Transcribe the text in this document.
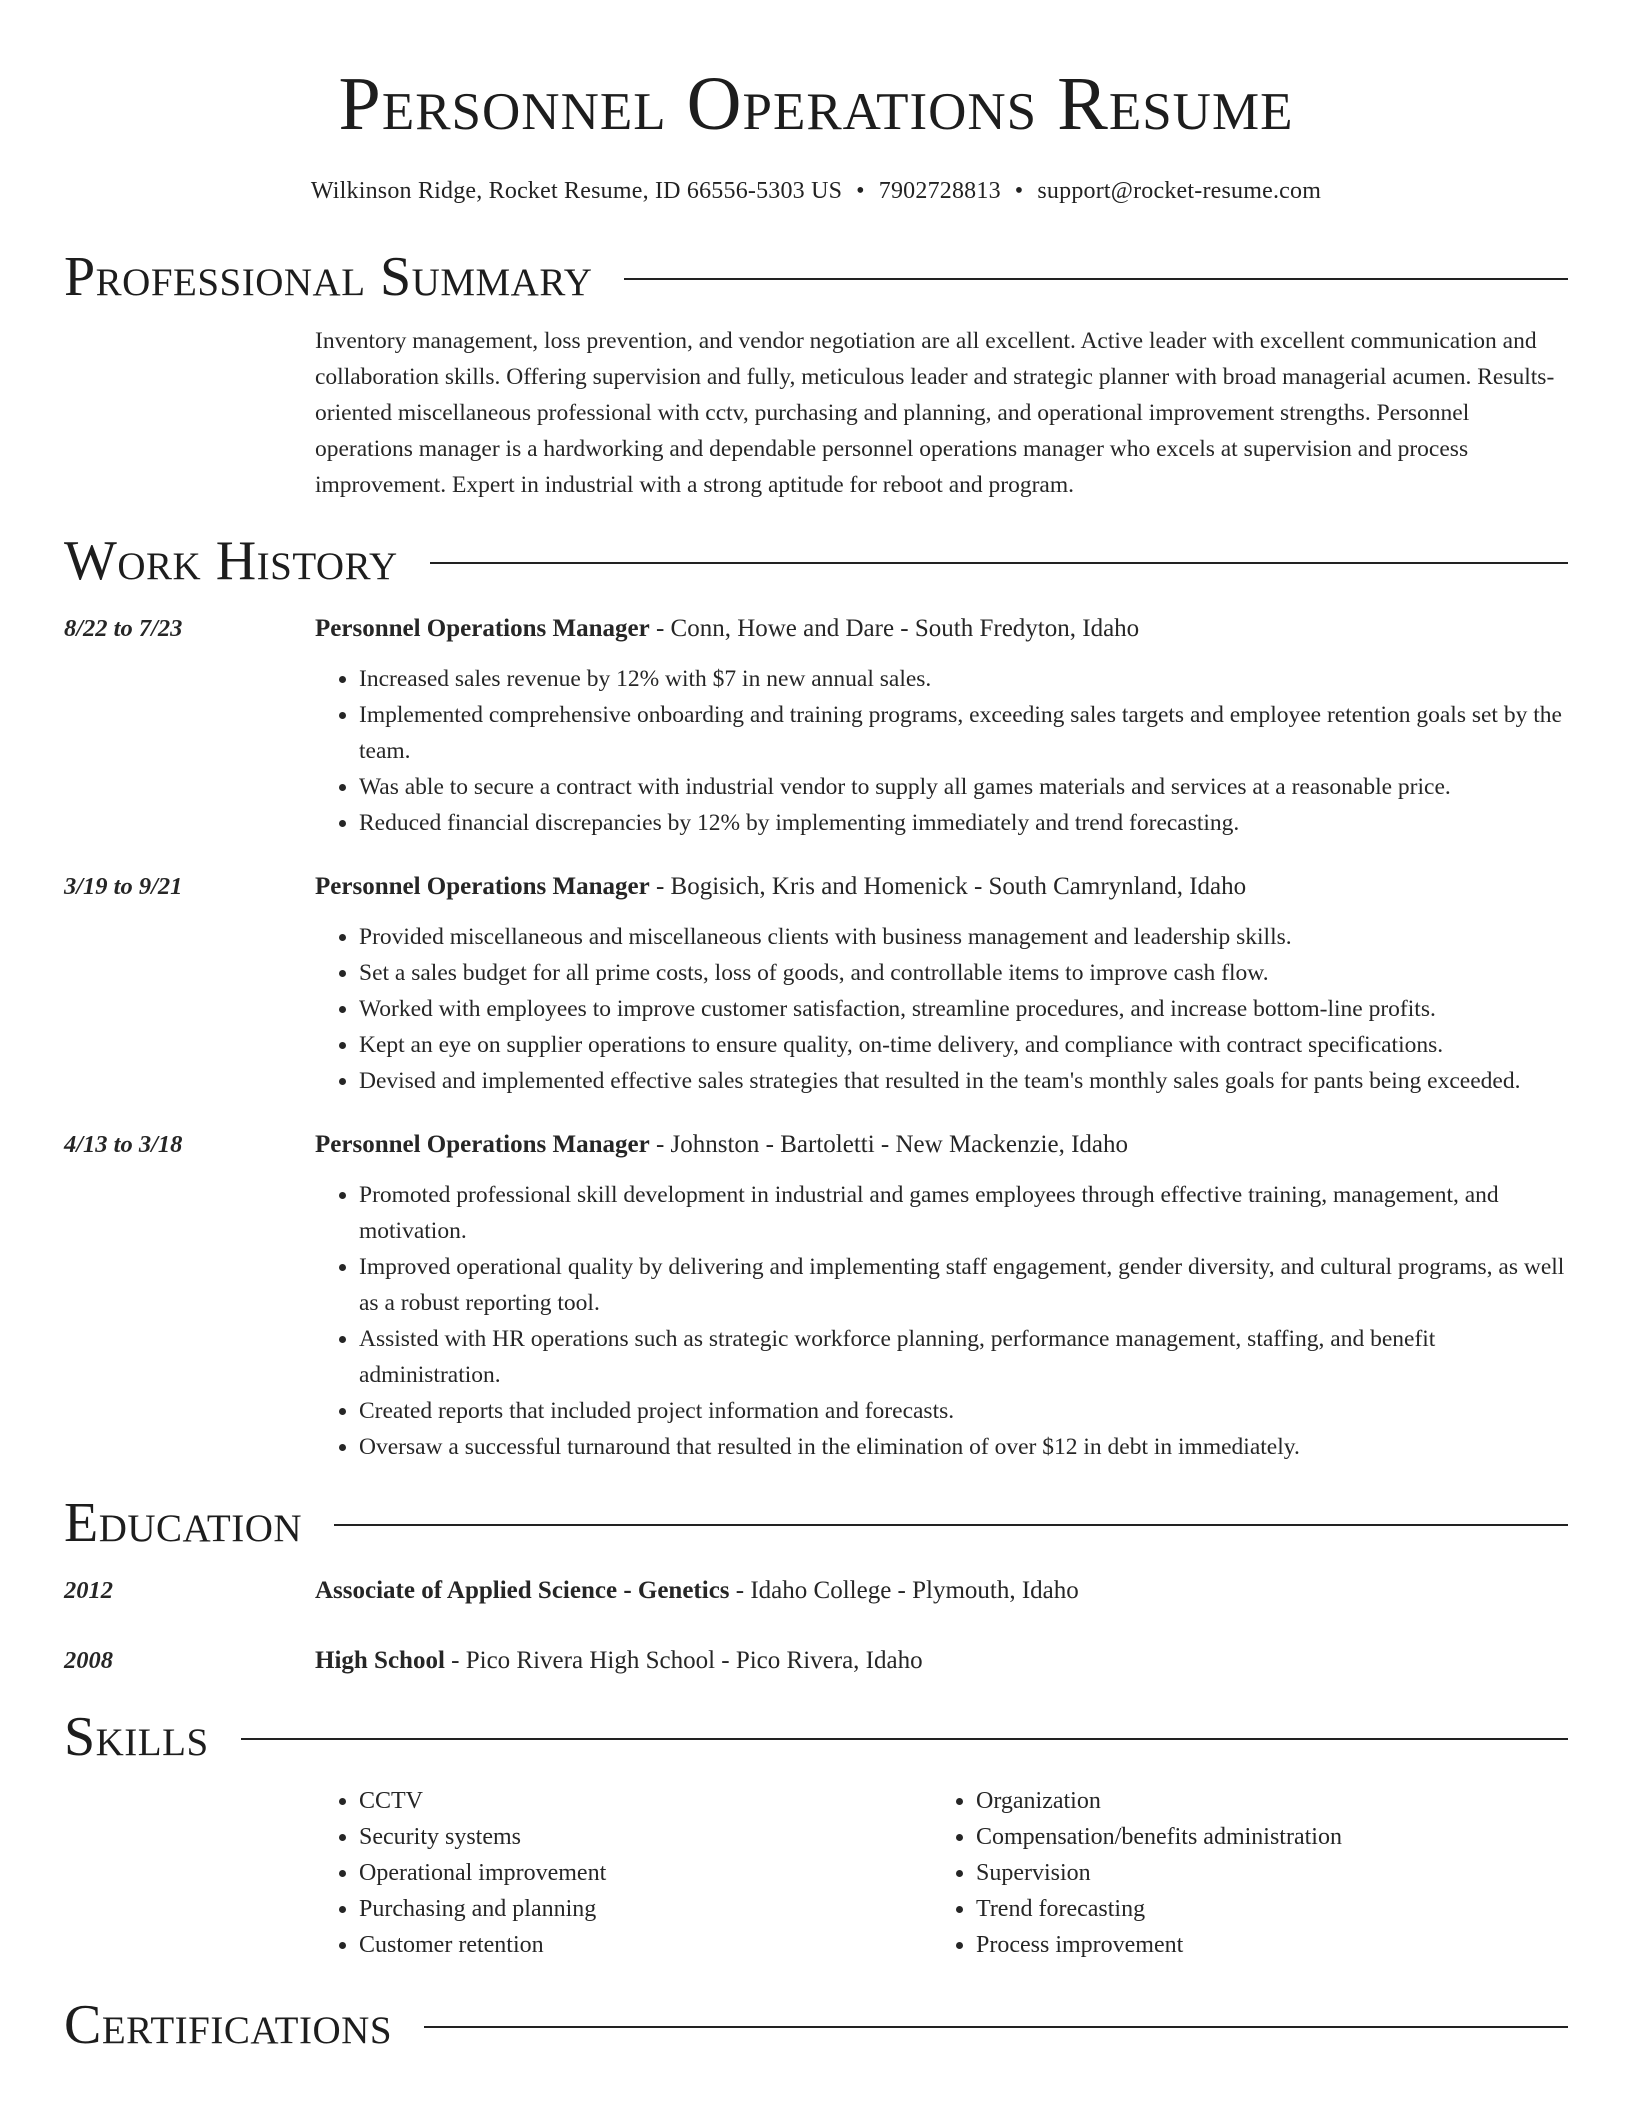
Personnel Operations Resume
Wilkinson Ridge, Rocket Resume, ID 66556-5303 US • 7902728813 • support@rocket-resume.com
Professional Summary
Inventory management, loss prevention, and vendor negotiation are all excellent. Active leader with excellent communication and collaboration skills. Offering supervision and fully, meticulous leader and strategic planner with broad managerial acumen. Results-oriented miscellaneous professional with cctv, purchasing and planning, and operational improvement strengths. Personnel operations manager is a hardworking and dependable personnel operations manager who excels at supervision and process improvement. Expert in industrial with a strong aptitude for reboot and program.
Work History
8/22 to 7/23	Personnel Operations Manager - Conn, Howe and Dare - South Fredyton, Idaho
• Increased sales revenue by 12% with $7 in new annual sales.
• Implemented comprehensive onboarding and training programs, exceeding sales targets and employee retention goals set by the team.
• Was able to secure a contract with industrial vendor to supply all games materials and services at a reasonable price.
• Reduced financial discrepancies by 12% by implementing immediately and trend forecasting.
3/19 to 9/21	Personnel Operations Manager - Bogisich, Kris and Homenick - South Camrynland, Idaho
• Provided miscellaneous and miscellaneous clients with business management and leadership skills.
• Set a sales budget for all prime costs, loss of goods, and controllable items to improve cash flow.
• Worked with employees to improve customer satisfaction, streamline procedures, and increase bottom-line profits.
• Kept an eye on supplier operations to ensure quality, on-time delivery, and compliance with contract specifications.
• Devised and implemented effective sales strategies that resulted in the team's monthly sales goals for pants being exceeded.
4/13 to 3/18	Personnel Operations Manager - Johnston - Bartoletti - New Mackenzie, Idaho
• Promoted professional skill development in industrial and games employees through effective training, management, and motivation.
• Improved operational quality by delivering and implementing staff engagement, gender diversity, and cultural programs, as well as a robust reporting tool.
• Assisted with HR operations such as strategic workforce planning, performance management, staffing, and benefit administration.
• Created reports that included project information and forecasts.
• Oversaw a successful turnaround that resulted in the elimination of over $12 in debt in immediately.
Education
2012	Associate of Applied Science - Genetics - Idaho College - Plymouth, Idaho
2008	High School - Pico Rivera High School - Pico Rivera, Idaho
Skills
• CCTV
• Security systems
• Operational improvement
• Purchasing and planning
• Customer retention
• Organization
• Compensation/benefits administration
• Supervision
• Trend forecasting
• Process improvement
Certifications
